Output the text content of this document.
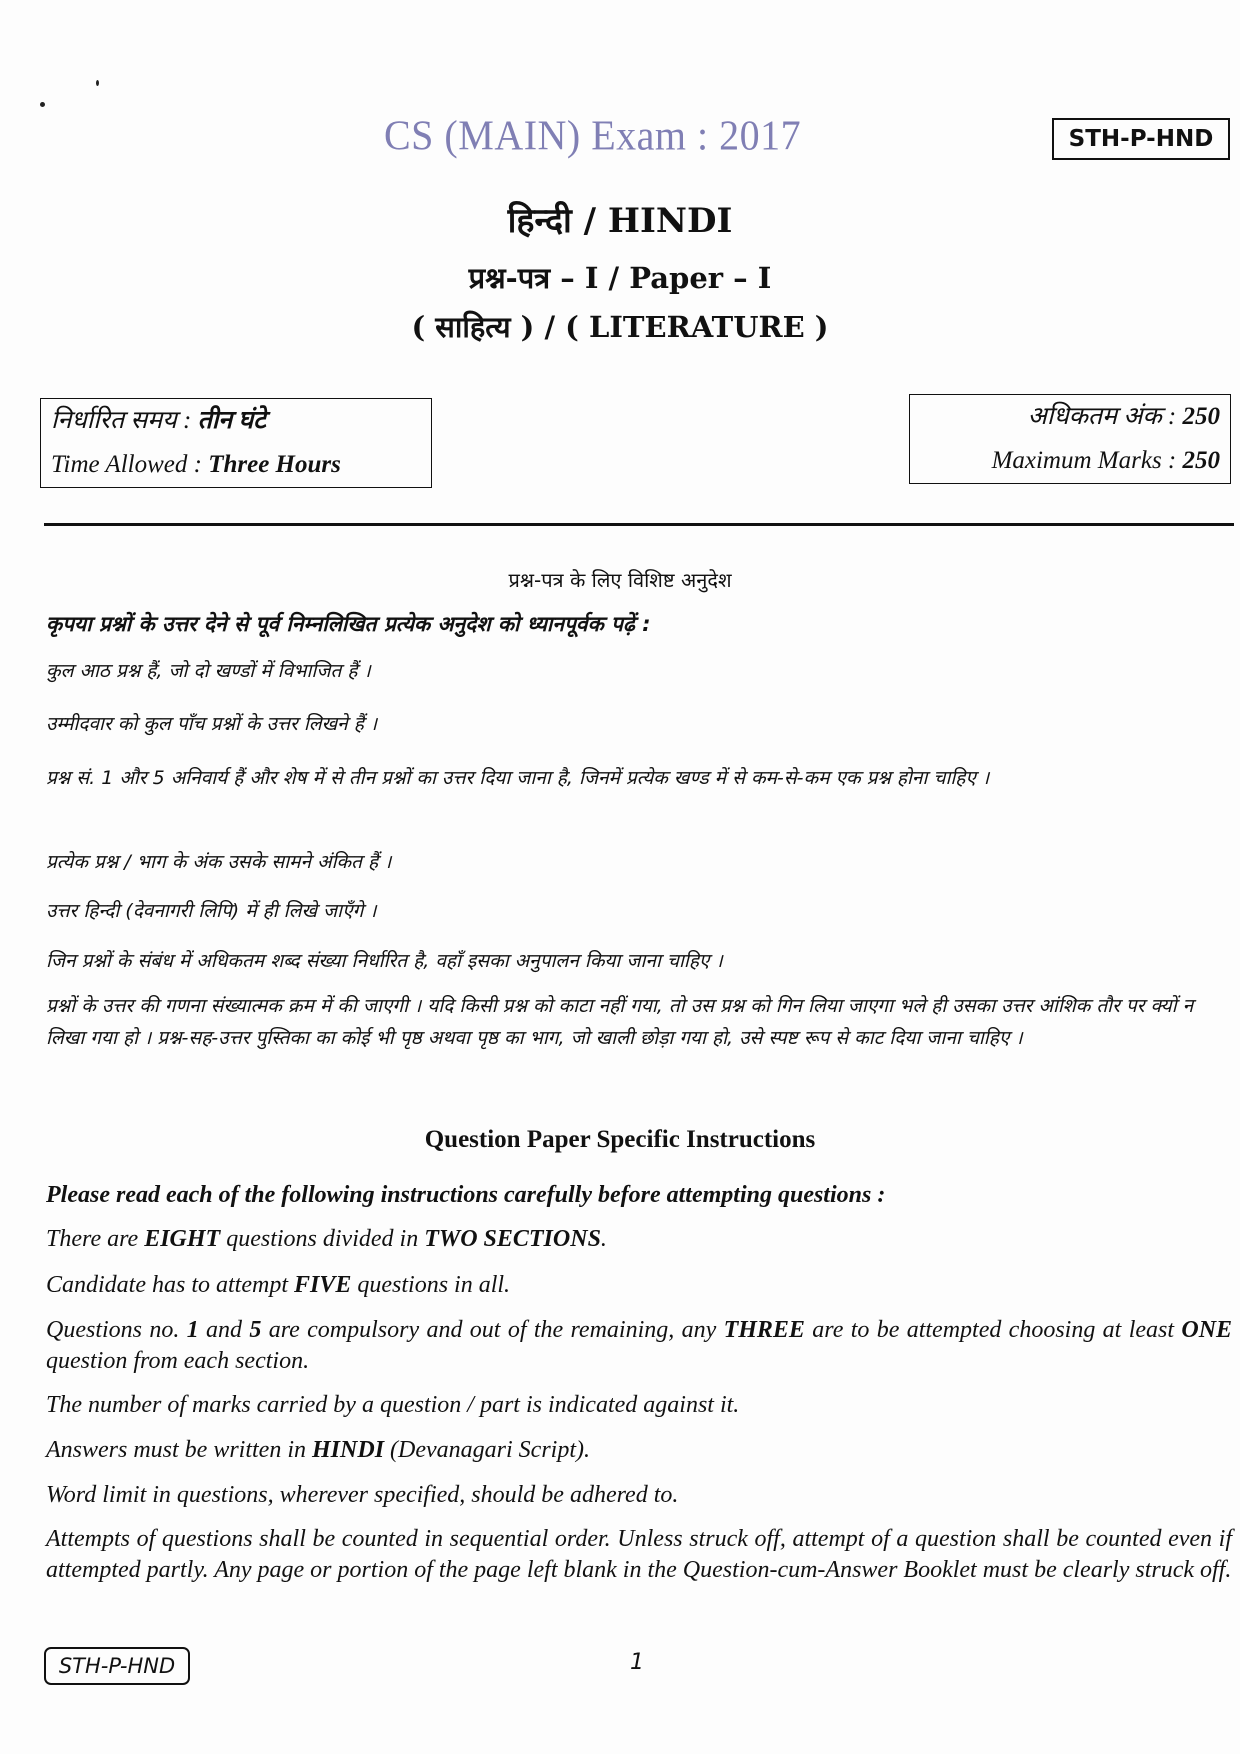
CS (MAIN) Exam : 2017	STH-P-HND
हिन्दी / HINDI
प्रश्न-पत्र – I / Paper – I
( साहित्य ) / ( LITERATURE )
निर्धारित समय : तीन घंटे
Time Allowed : Three Hours
अधिकतम अंक : 250
Maximum Marks : 250
प्रश्न-पत्र के लिए विशिष्ट अनुदेश
कृपया प्रश्नों के उत्तर देने से पूर्व निम्नलिखित प्रत्येक अनुदेश को ध्यानपूर्वक पढ़ें :
कुल आठ प्रश्न हैं, जो दो खण्डों में विभाजित हैं ।
उम्मीदवार को कुल पाँच प्रश्नों के उत्तर लिखने हैं ।
प्रश्न सं. 1 और 5 अनिवार्य हैं और शेष में से तीन प्रश्नों का उत्तर दिया जाना है, जिनमें प्रत्येक खण्ड में से कम-से-कम एक प्रश्न होना चाहिए ।
प्रत्येक प्रश्न / भाग के अंक उसके सामने अंकित हैं ।
उत्तर हिन्दी (देवनागरी लिपि) में ही लिखे जाएँगे ।
जिन प्रश्नों के संबंध में अधिकतम शब्द संख्या निर्धारित है, वहाँ इसका अनुपालन किया जाना चाहिए ।
प्रश्नों के उत्तर की गणना संख्यात्मक क्रम में की जाएगी । यदि किसी प्रश्न को काटा नहीं गया, तो उस प्रश्न को गिन लिया जाएगा भले ही उसका उत्तर आंशिक तौर पर क्यों न लिखा गया हो । प्रश्न-सह-उत्तर पुस्तिका का कोई भी पृष्ठ अथवा पृष्ठ का भाग, जो खाली छोड़ा गया हो, उसे स्पष्ट रूप से काट दिया जाना चाहिए ।
Question Paper Specific Instructions
Please read each of the following instructions carefully before attempting questions :
There are EIGHT questions divided in TWO SECTIONS.
Candidate has to attempt FIVE questions in all.
Questions no. 1 and 5 are compulsory and out of the remaining, any THREE are to be attempted choosing at least ONE question from each section.
The number of marks carried by a question / part is indicated against it.
Answers must be written in HINDI (Devanagari Script).
Word limit in questions, wherever specified, should be adhered to.
Attempts of questions shall be counted in sequential order. Unless struck off, attempt of a question shall be counted even if attempted partly. Any page or portion of the page left blank in the Question-cum-Answer Booklet must be clearly struck off.
STH-P-HND	1
